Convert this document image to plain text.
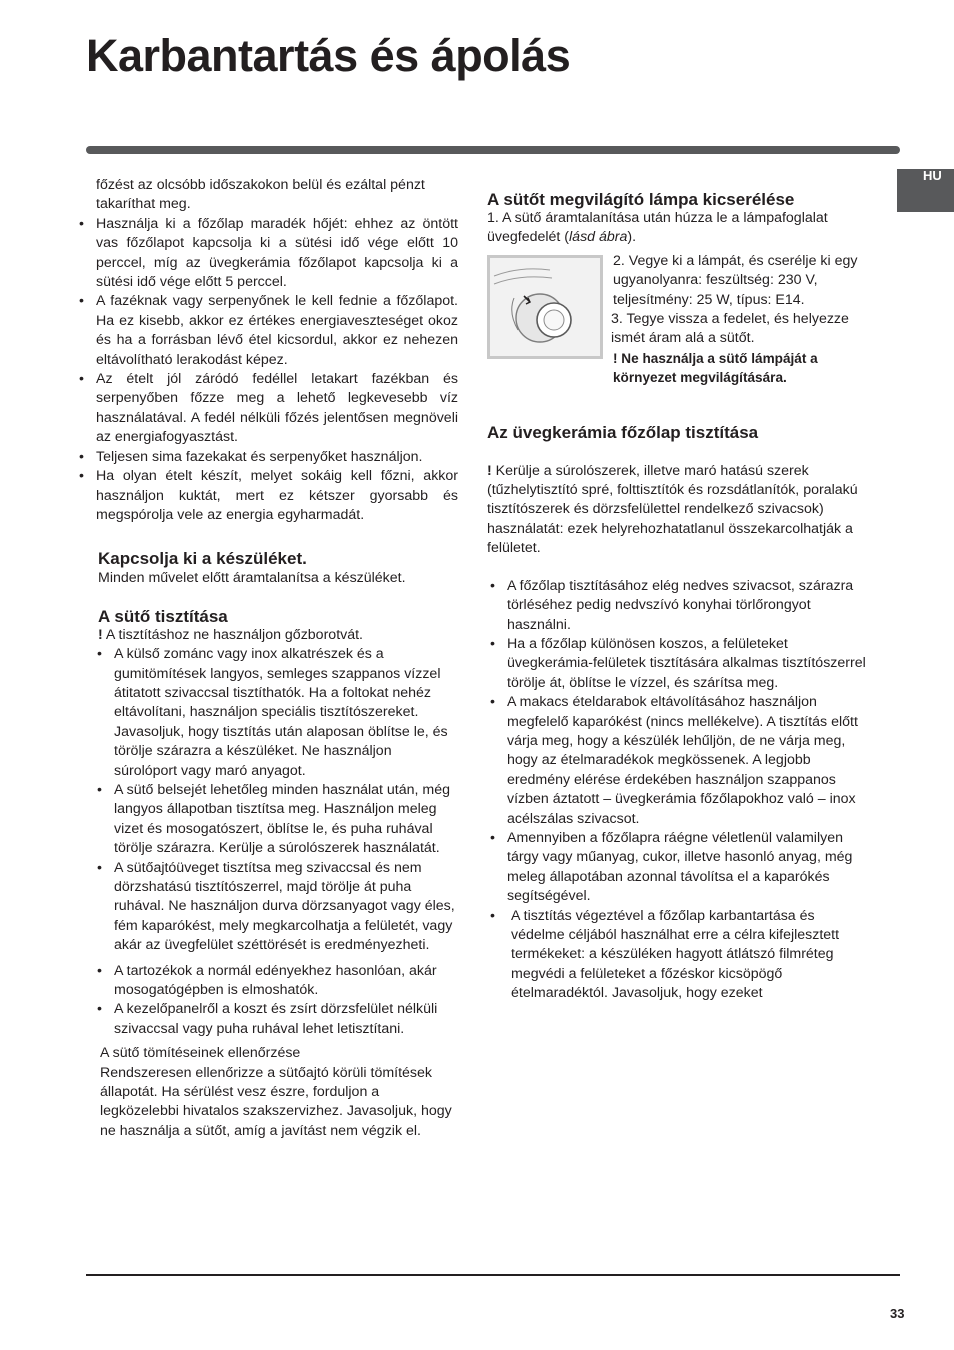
Karbantartás és ápolás
HU

főzést az olcsóbb időszakokon belül és ezáltal pénzt takaríthat meg.

• Használja ki a főzőlap maradék hőjét: ehhez az öntött vas főzőlapot kapcsolja ki a sütési idő vége előtt 10 perccel, míg az üvegkerámia főzőlapot kapcsolja ki a sütési idő vége előtt 5 perccel.
• A fazéknak vagy serpenyőnek le kell fednie a főzőlapot. Ha ez kisebb, akkor ez értékes energiaveszteséget okoz és ha a forrásban lévő étel kicsordul, akkor ez nehezen eltávolítható lerakodást képez.
• Az ételt jól záródó fedéllel letakart fazékban és serpenyőben főzze meg a lehető legkevesebb víz használatával. A fedél nélküli főzés jelentősen megnöveli az energiafogyasztást.
• Teljesen sima fazekakat és serpenyőket használjon.
• Ha olyan ételt készít, melyet sokáig kell főzni, akkor használjon kuktát, mert ez kétszer gyorsabb és megspórolja vele az energia egyharmadát.
Kapcsolja ki a készüléket.

Minden művelet előtt áramtalanítsa a készüléket.

A sütő tisztítása

! A tisztításhoz ne használjon gőzborotvát.

• A külső zománc vagy inox alkatrészek és a gumitömítések langyos, semleges szappanos vízzel átitatott szivaccsal tisztíthatók. Ha a foltokat nehéz eltávolítani, használjon speciális tisztítószereket. Javasoljuk, hogy tisztítás után alaposan öblítse le, és törölje szárazra a készüléket. Ne használjon súrolóport vagy maró anyagot.
• A sütő belsejét lehetőleg minden használat után, még langyos állapotban tisztítsa meg. Használjon meleg vizet és mosogatószert, öblítse le, és puha ruhával törölje szárazra. Kerülje a súrolószerek használatát.
• A sütőajtóüveget tisztítsa meg szivaccsal és nem dörzshatású tisztítószerrel, majd törölje át puha ruhával. Ne használjon durva dörzsanyagot vagy éles, fém kaparókést, mely megkarcolhatja a felületét, vagy akár az üvegfelület széttörését is eredményezheti.
• A tartozékok a normál edényekhez hasonlóan, akár mosogatógépben is elmoshatók.
• A kezelőpanelről a koszt és zsírt dörzsfelület nélküli szivaccsal vagy puha ruhával lehet letisztítani.

A sütő tömítéseinek ellenőrzése

Rendszeresen ellenőrizze a sütőajtó körüli tömítések állapotát. Ha sérülést vesz észre, forduljon a legközelebbi hivatalos szakszervizhez. Javasoljuk, hogy ne használja a sütőt, amíg a javítást nem végzik el.

A sütőt megvilágító lámpa kicserélése

1. A sütő áramtalanítása után húzza le a lámpafoglalat üvegfedelét (lásd ábra).

2. Vegye ki a lámpát, és cserélje ki egy ugyanolyanra: feszültség: 230 V, teljesítmény: 25 W, típus: E14.

3. Tegye vissza a fedelet, és helyezze ismét áram alá a sütőt.

! Ne használja a sütő lámpáját a környezet megvilágítására.

Az üvegkerámia főzőlap tisztítása

! Kerülje a súrolószerek, illetve maró hatású szerek (tűzhelytisztító spré, folttisztítók és rozsdátlanítók, poralakú tisztítószerek és dörzsfelülettel rendelkező szivacsok) használatát: ezek helyrehozhatatlanul összekarcolhatják a felületet.

• A főzőlap tisztításához elég nedves szivacsot, szárazra törléséhez pedig nedvszívó konyhai törlőrongyot használni.
• Ha a főzőlap különösen koszos, a felületeket üvegkerámia-felületek tisztítására alkalmas tisztítószerrel törölje át, öblítse le vízzel, és szárítsa meg.
• A makacs ételdarabok eltávolításához használjon megfelelő kaparókést (nincs mellékelve). A tisztítás előtt várja meg, hogy a készülék lehűljön, de ne várja meg, hogy az ételmaradékok megkössenek. A legjobb eredmény elérése érdekében használjon szappanos vízben áztatott – üvegkerámia főzőlapokhoz való – inox acélszálas szivacsot.
• Amennyiben a főzőlapra ráégne véletlenül valamilyen tárgy vagy műanyag, cukor, illetve hasonló anyag, még meleg állapotában azonnal távolítsa el a kaparókés segítségével.
• A tisztítás végeztével a főzőlap karbantartása és védelme céljából használhat erre a célra kifejlesztett termékeket: a készüléken hagyott átlátszó filmréteg megvédi a felületeket a főzéskor kicsöpögő ételmaradéktól. Javasoljuk, hogy ezeket
33
